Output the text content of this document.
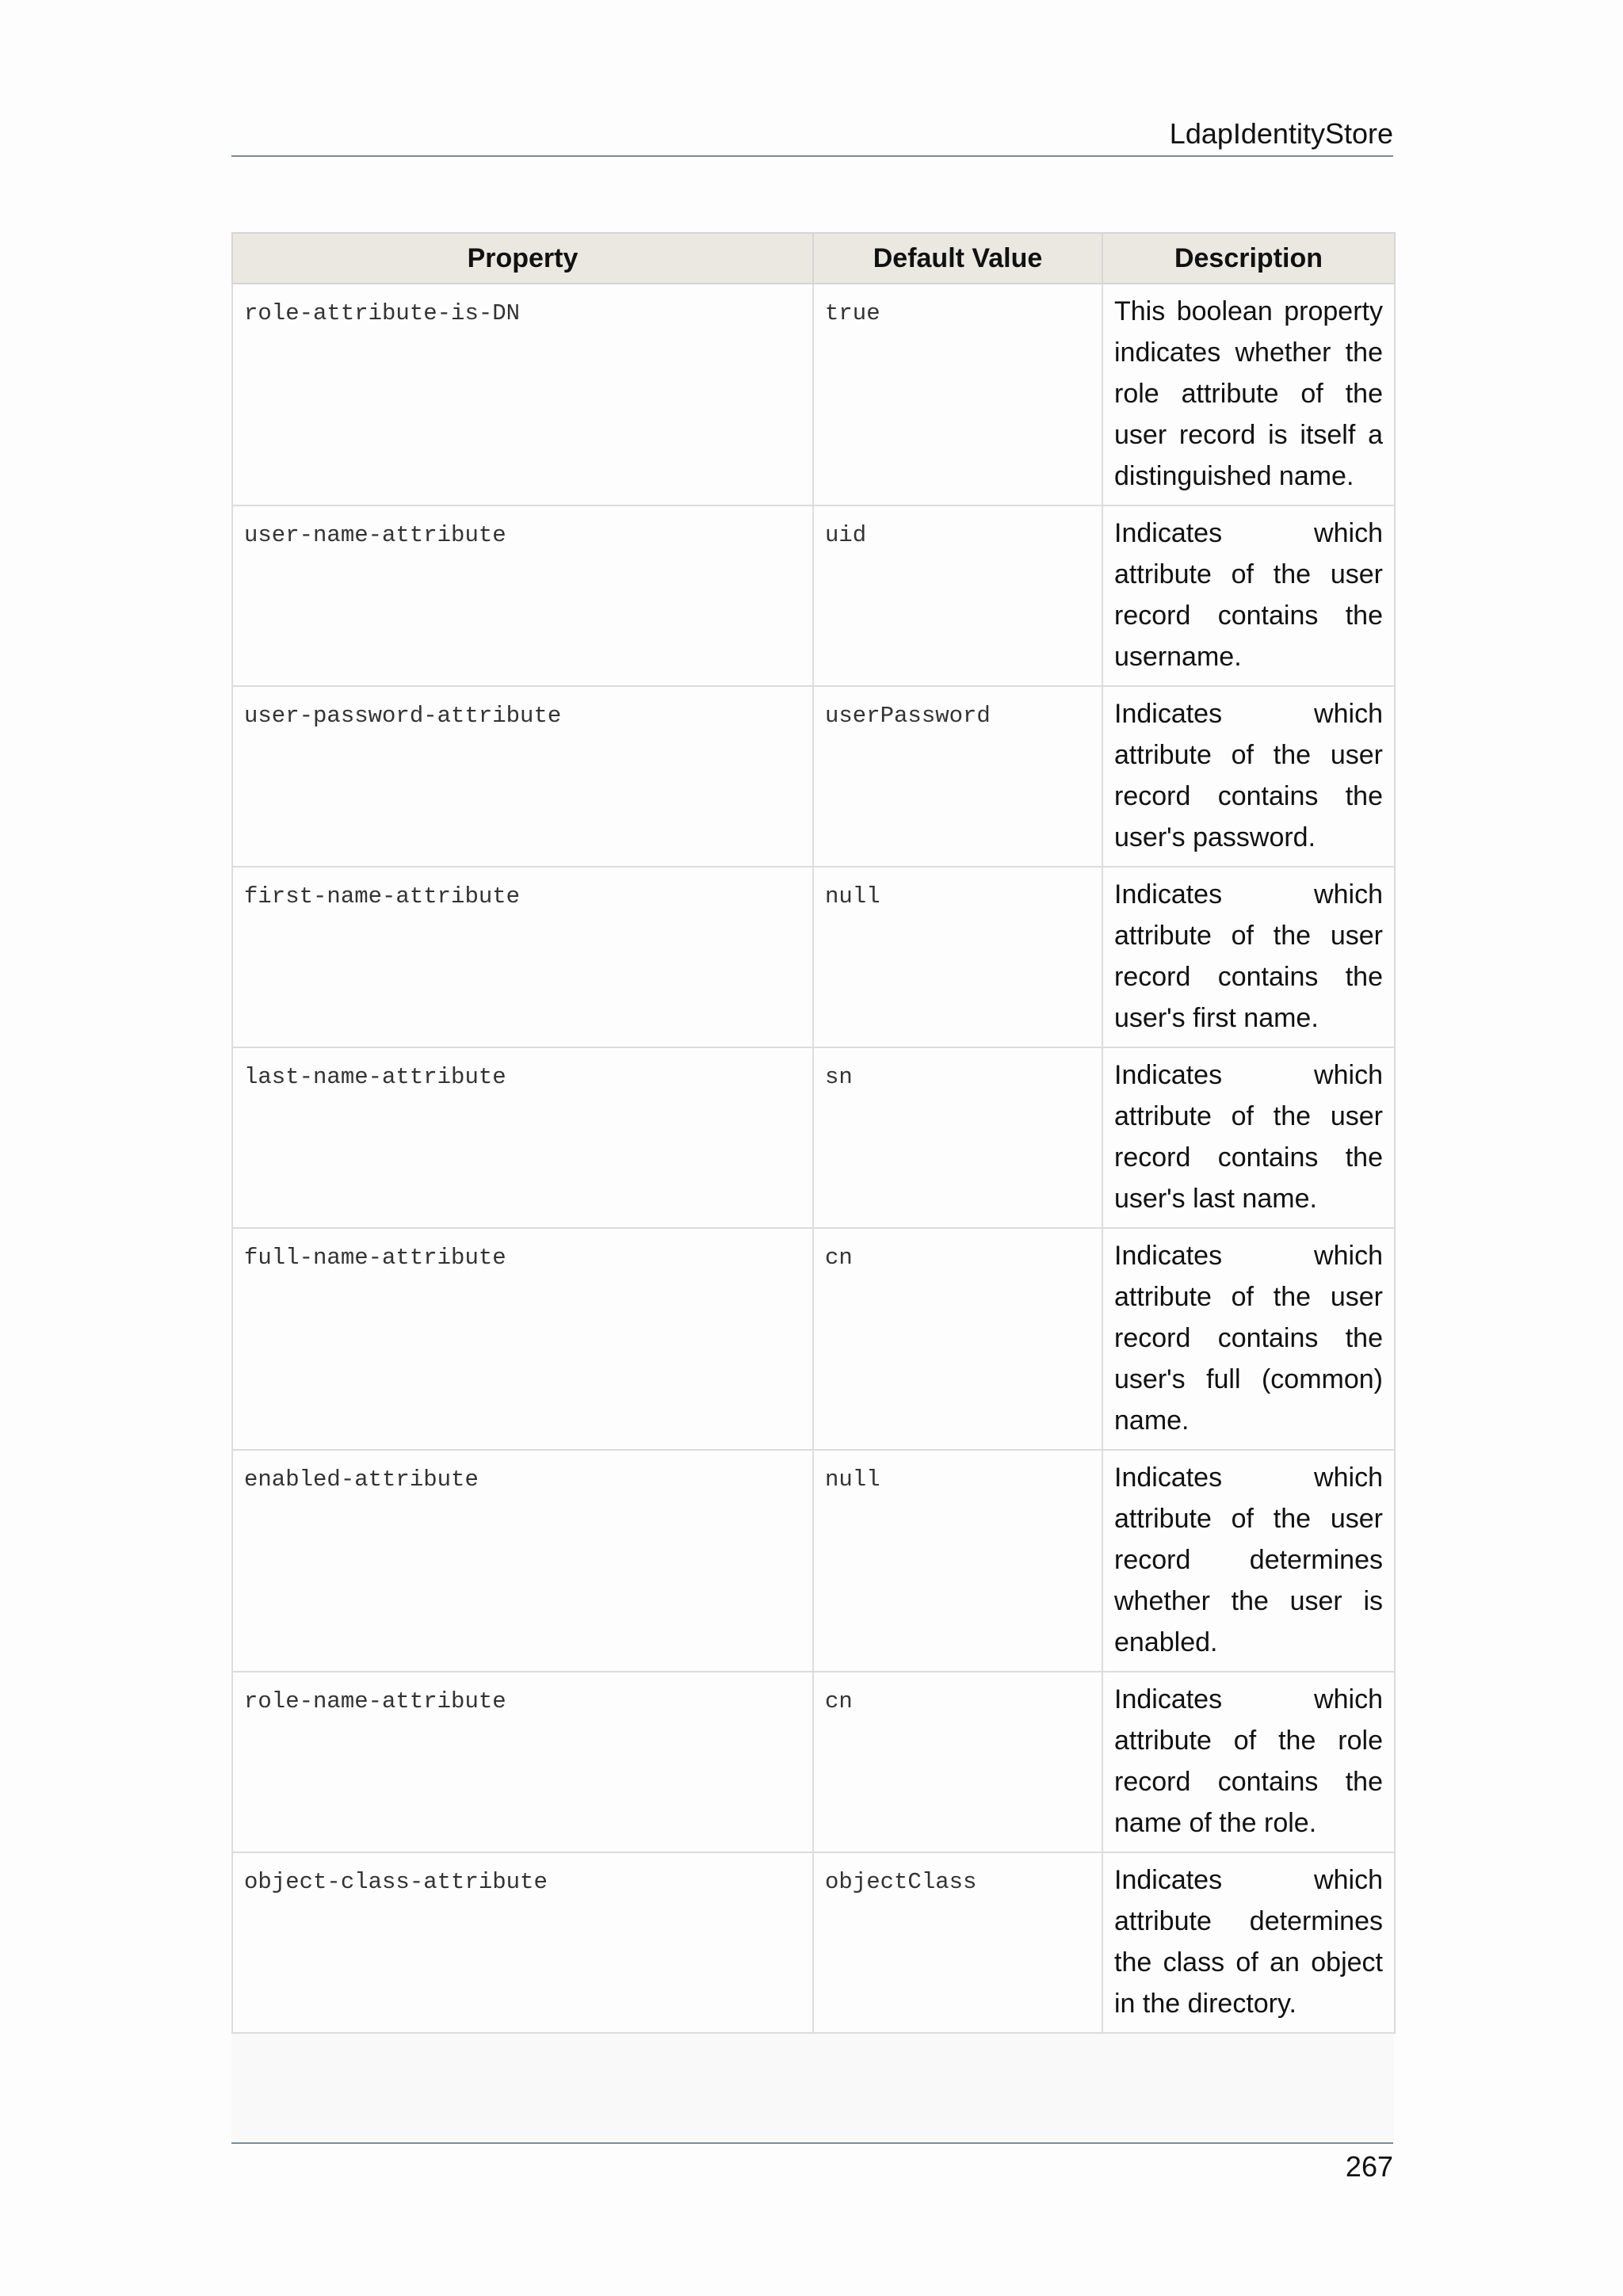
LdapIdentityStore
Property	Default Value	Description
role-attribute-is-DN	true	This boolean property indicates whether the role attribute of the user record is itself a distinguished name.
user-name-attribute	uid	Indicates which attribute of the user record contains the username.
user-password-attribute	userPassword	Indicates which attribute of the user record contains the user's password.
first-name-attribute	null	Indicates which attribute of the user record contains the user's first name.
last-name-attribute	sn	Indicates which attribute of the user record contains the user's last name.
full-name-attribute	cn	Indicates which attribute of the user record contains the user's full (common) name.
enabled-attribute	null	Indicates which attribute of the user record determines whether the user is enabled.
role-name-attribute	cn	Indicates which attribute of the role record contains the name of the role.
object-class-attribute	objectClass	Indicates which attribute determines the class of an object in the directory.
267
